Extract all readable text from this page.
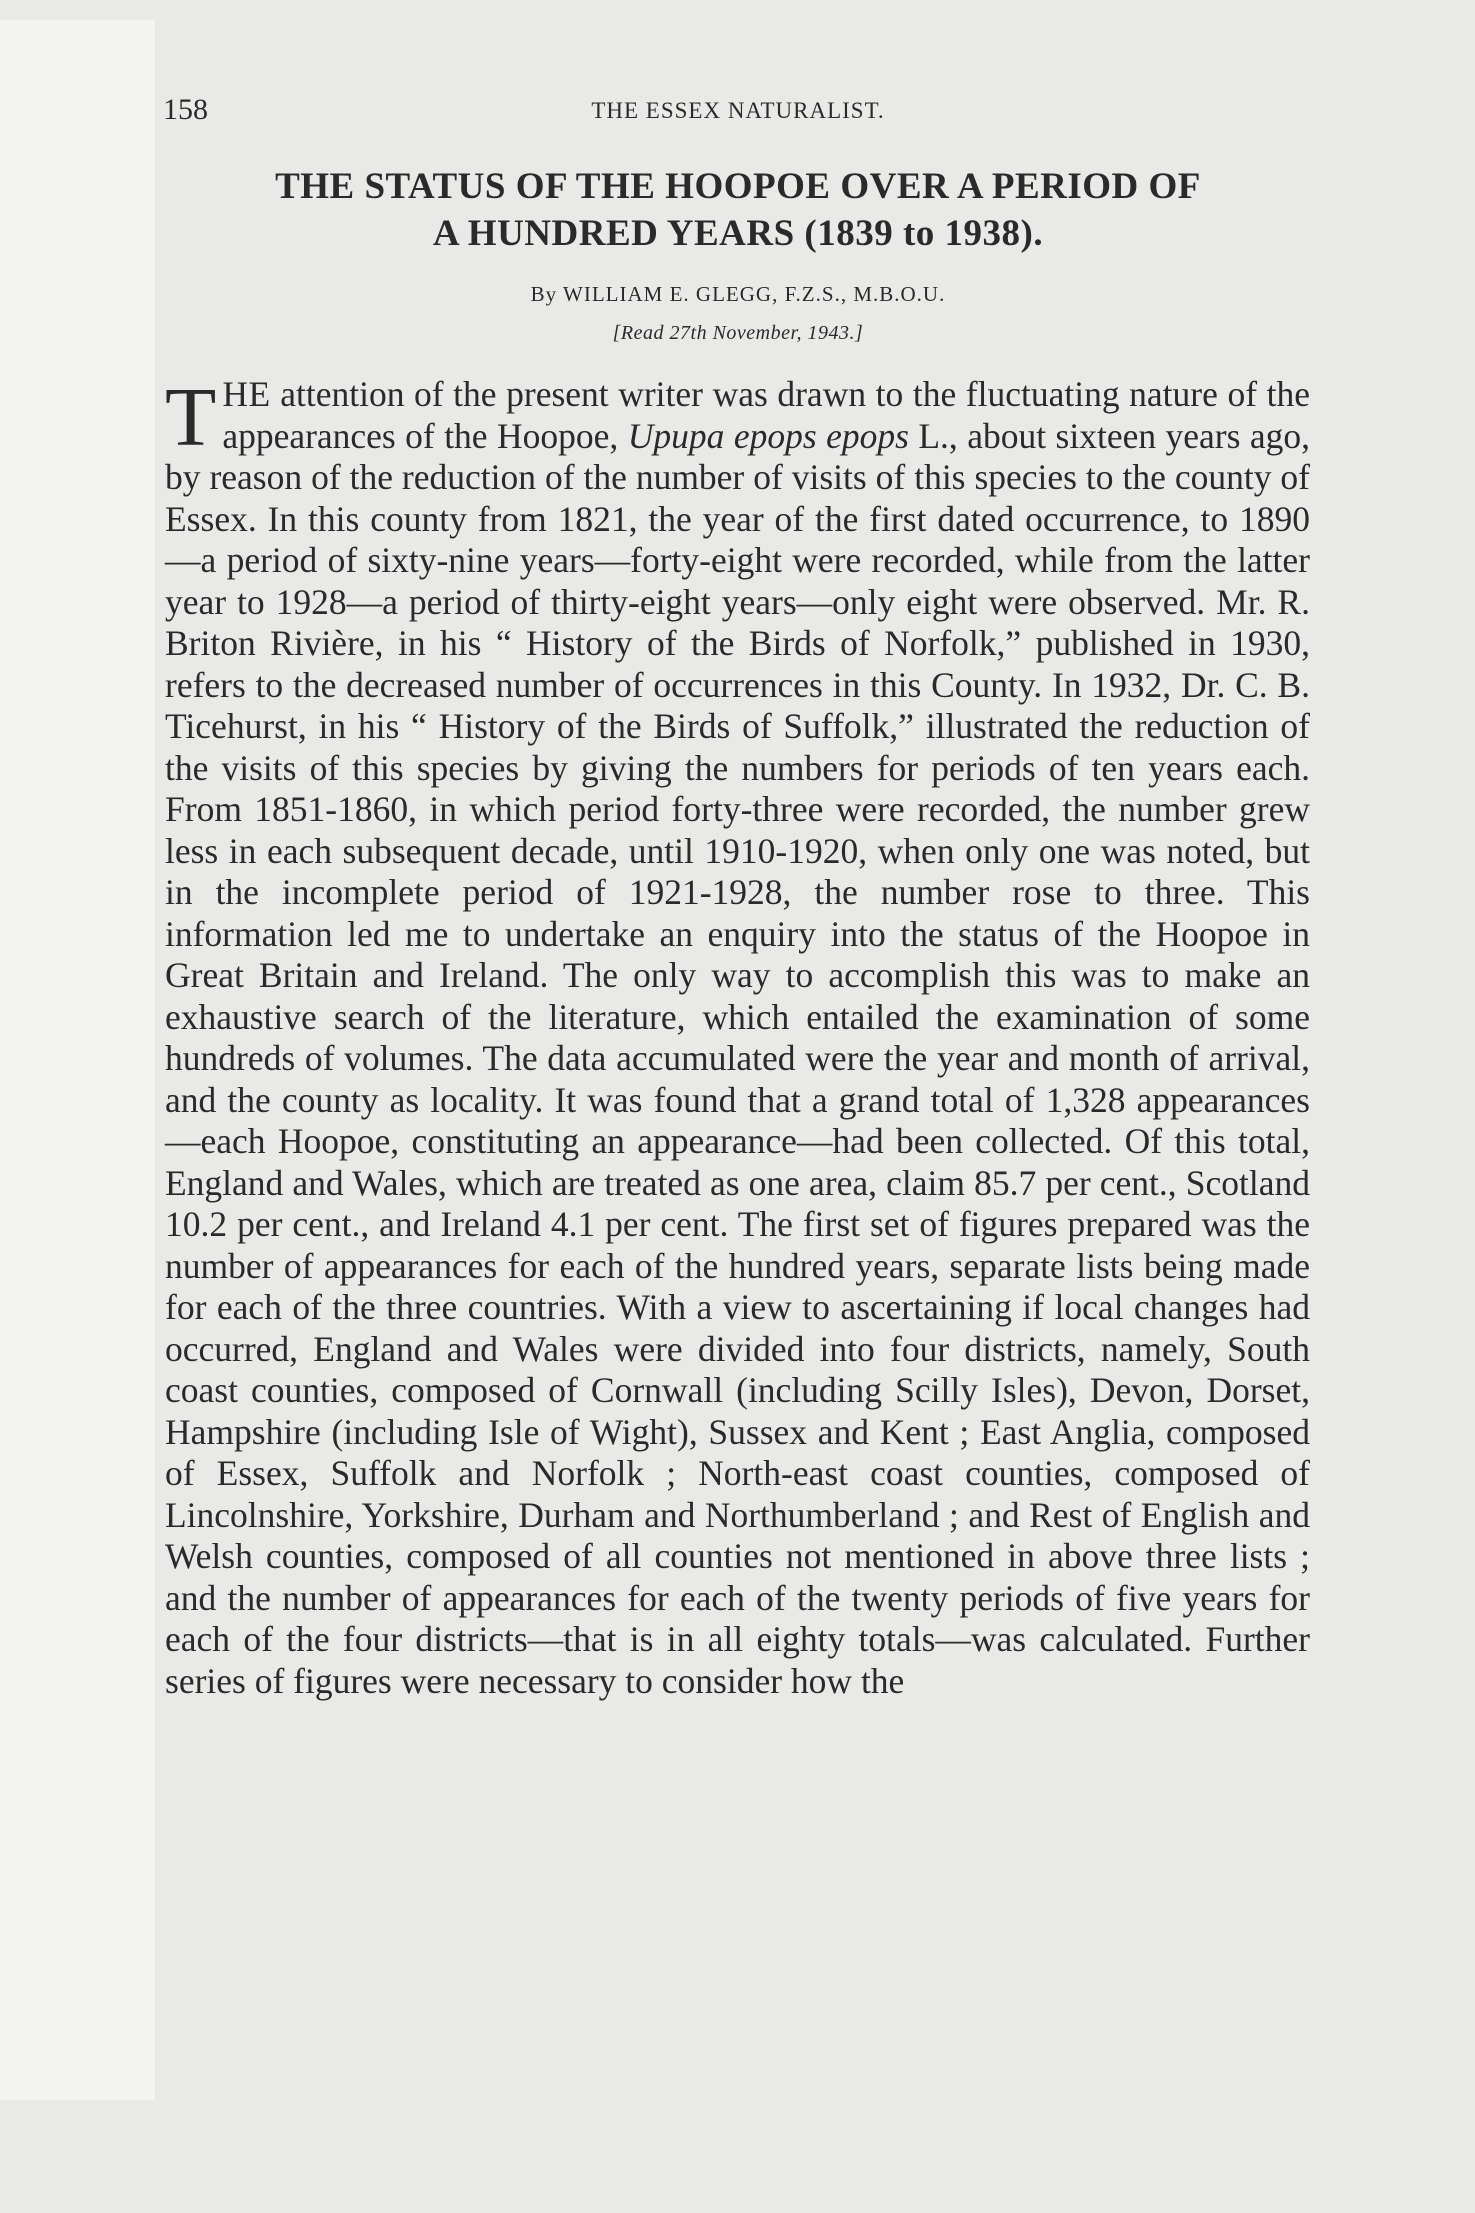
158	THE ESSEX NATURALIST.
THE STATUS OF THE HOOPOE OVER A PERIOD OF
A HUNDRED YEARS (1839 to 1938).
By WILLIAM E. GLEGG, F.Z.S., M.B.O.U.
[Read 27th November, 1943.]

THE attention of the present writer was drawn to the fluctuating nature of the appearances of the Hoopoe, Upupa epops epops L., about sixteen years ago, by reason of the reduction of the number of visits of this species to the county of Essex. In this county from 1821, the year of the first dated occurrence, to 1890—a period of sixty-nine years—forty-eight were recorded, while from the latter year to 1928—a period of thirty-eight years—only eight were observed. Mr. R. Briton Rivière, in his “ History of the Birds of Norfolk,” published in 1930, refers to the decreased number of occurrences in this County. In 1932, Dr. C. B. Ticehurst, in his “ History of the Birds of Suffolk,” illustrated the reduction of the visits of this species by giving the numbers for periods of ten years each. From 1851-1860, in which period forty-three were recorded, the number grew less in each subsequent decade, until 1910-1920, when only one was noted, but in the incomplete period of 1921-1928, the number rose to three. This information led me to undertake an enquiry into the status of the Hoopoe in Great Britain and Ireland. The only way to accomplish this was to make an exhaustive search of the literature, which entailed the examination of some hundreds of volumes. The data accumulated were the year and month of arrival, and the county as locality. It was found that a grand total of 1,328 appearances—each Hoopoe, constituting an appearance—had been collected. Of this total, England and Wales, which are treated as one area, claim 85.7 per cent., Scotland 10.2 per cent., and Ireland 4.1 per cent. The first set of figures prepared was the number of appearances for each of the hundred years, separate lists being made for each of the three countries. With a view to ascertaining if local changes had occurred, England and Wales were divided into four districts, namely, South coast counties, composed of Cornwall (including Scilly Isles), Devon, Dorset, Hampshire (including Isle of Wight), Sussex and Kent ; East Anglia, composed of Essex, Suffolk and Norfolk ; North-east coast counties, composed of Lincolnshire, Yorkshire, Durham and Northumberland ; and Rest of English and Welsh counties, composed of all counties not mentioned in above three lists ; and the number of appearances for each of the twenty periods of five years for each of the four districts—that is in all eighty totals—was calculated. Further series of figures were necessary to consider how the
